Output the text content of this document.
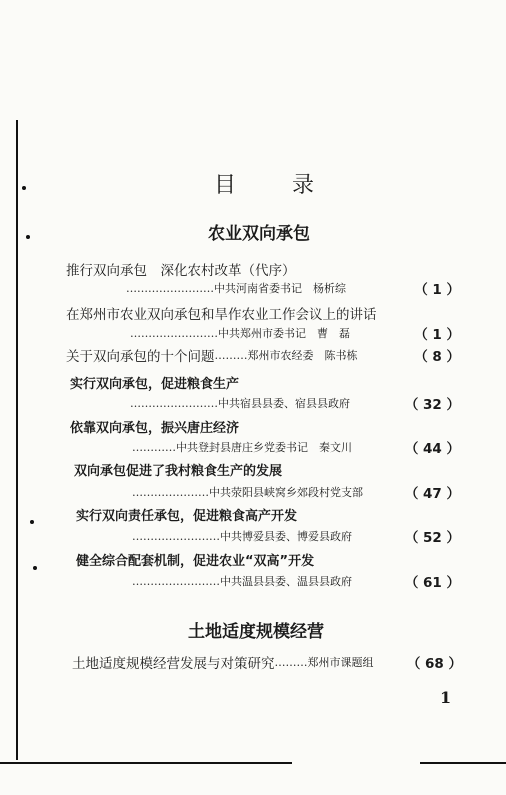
目	录
农业双向承包
推行双向承包　深化农村改革（代序）
…………………… 中共河南省委书记　杨析综	（ 1 ）
在郑州市农业双向承包和旱作农业工作会议上的讲话
…………………… 中共郑州市委书记　曹　磊	（ 1 ）
关于双向承包的十个问题 ……… 郑州市农经委　陈书栋	（ 8 ）
实行双向承包，促进粮食生产
…………………… 中共宿县县委、宿县县政府	（ 32 ）
依靠双向承包，振兴唐庄经济
………… 中共登封县唐庄乡党委书记　秦文川	（ 44 ）
双向承包促进了我村粮食生产的发展
………………… 中共荥阳县峡窝乡郊段村党支部	（ 47 ）
实行双向责任承包，促进粮食高产开发
…………………… 中共博爱县委、博爱县政府	（ 52 ）
健全综合配套机制，促进农业“双高”开发
…………………… 中共温县县委、温县县政府	（ 61 ）
土地适度规模经营
土地适度规模经营发展与对策研究 ……… 郑州市课题组 （ 68 ）
1
